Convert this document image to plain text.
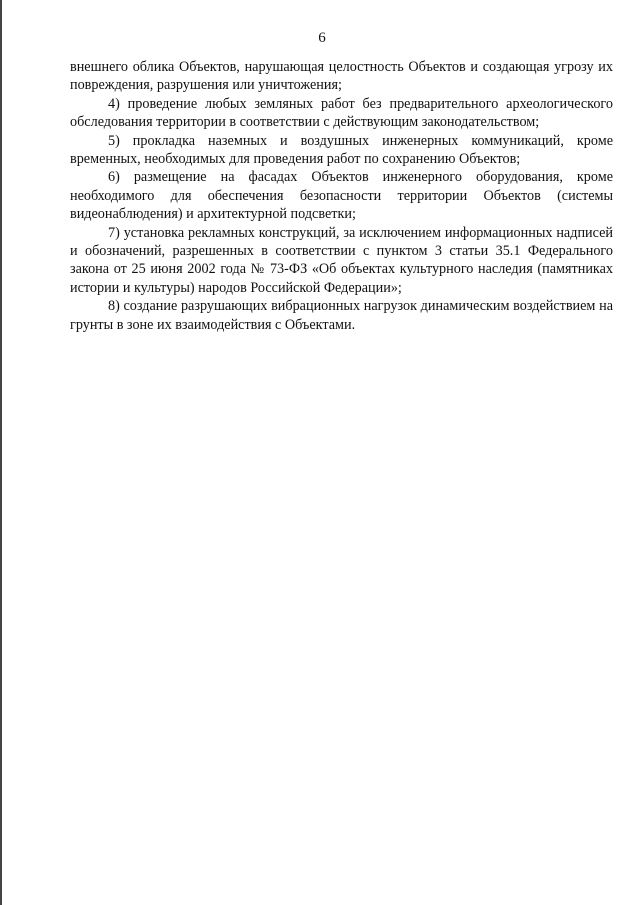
6

внешнего облика Объектов, нарушающая целостность Объектов и создающая угрозу их повреждения, разрушения или уничтожения;

4) проведение любых земляных работ без предварительного археологического обследования территории в соответствии с действующим законодательством;

5) прокладка наземных и воздушных инженерных коммуникаций, кроме временных, необходимых для проведения работ по сохранению Объектов;

6) размещение на фасадах Объектов инженерного оборудования, кроме необходимого для обеспечения безопасности территории Объектов (системы видеонаблюдения) и архитектурной подсветки;

7) установка рекламных конструкций, за исключением информационных надписей и обозначений, разрешенных в соответствии с пунктом 3 статьи 35.1 Федерального закона от 25 июня 2002 года № 73-ФЗ «Об объектах культурного наследия (памятниках истории и культуры) народов Российской Федерации»;

8) создание разрушающих вибрационных нагрузок динамическим воздействием на грунты в зоне их взаимодействия с Объектами.
